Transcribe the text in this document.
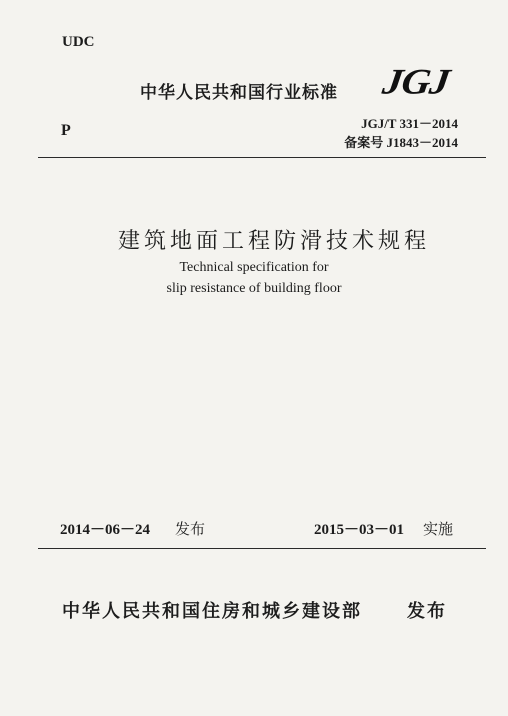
UDC
中华人民共和国行业标准 JGJ
P	JGJ/T 331－2014
备案号 J1843－2014
建筑地面工程防滑技术规程
Technical specification for
slip resistance of building floor
2014－06－24 发布	2015－03－01 实施
中华人民共和国住房和城乡建设部	发布
